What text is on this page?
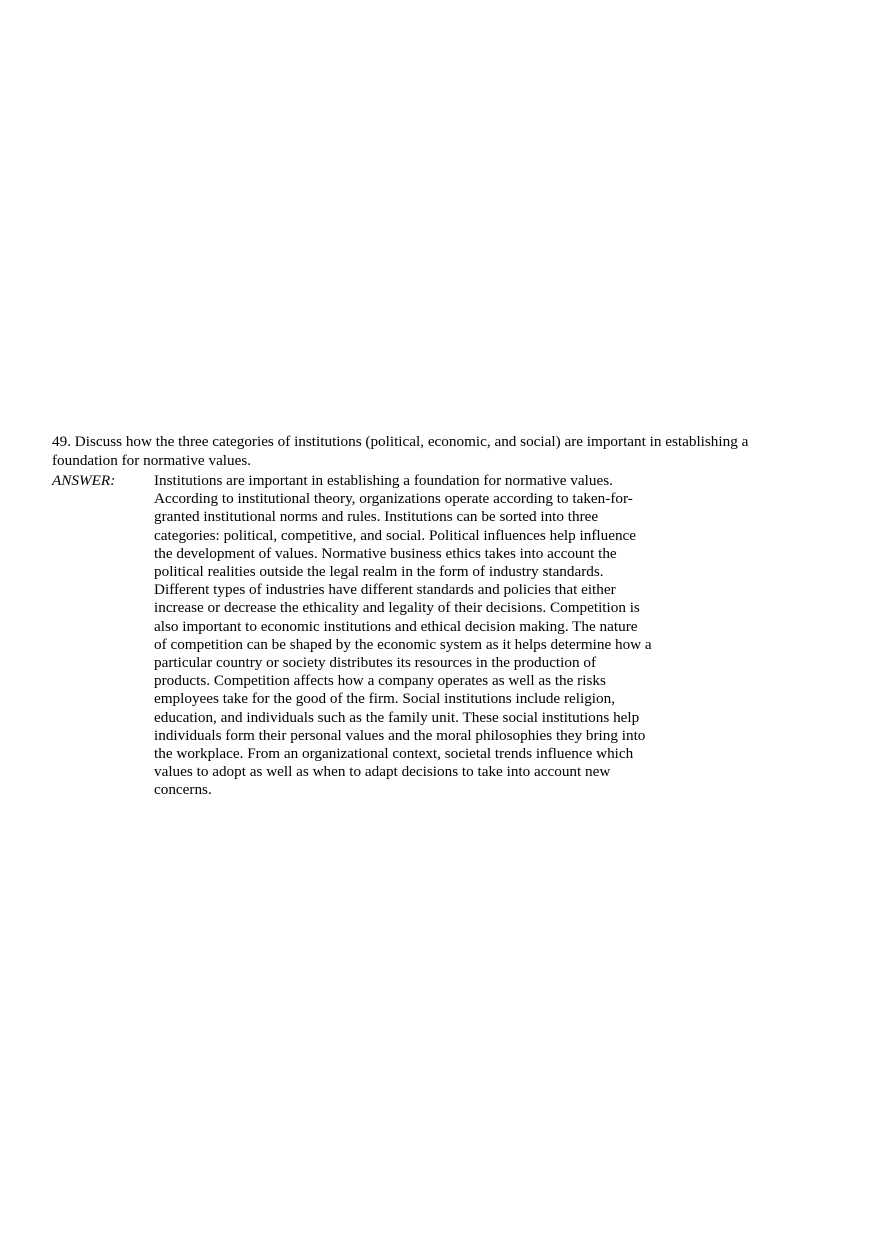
49. Discuss how the three categories of institutions (political, economic, and social) are important in establishing a foundation for normative values.

ANSWER:	Institutions are important in establishing a foundation for normative values.
According to institutional theory, organizations operate according to taken-for-
granted institutional norms and rules. Institutions can be sorted into three
categories: political, competitive, and social. Political influences help influence
the development of values. Normative business ethics takes into account the
political realities outside the legal realm in the form of industry standards.
Different types of industries have different standards and policies that either
increase or decrease the ethicality and legality of their decisions. Competition is
also important to economic institutions and ethical decision making. The nature
of competition can be shaped by the economic system as it helps determine how a
particular country or society distributes its resources in the production of
products. Competition affects how a company operates as well as the risks
employees take for the good of the firm. Social institutions include religion,
education, and individuals such as the family unit. These social institutions help
individuals form their personal values and the moral philosophies they bring into
the workplace. From an organizational context, societal trends influence which
values to adopt as well as when to adapt decisions to take into account new
concerns.
